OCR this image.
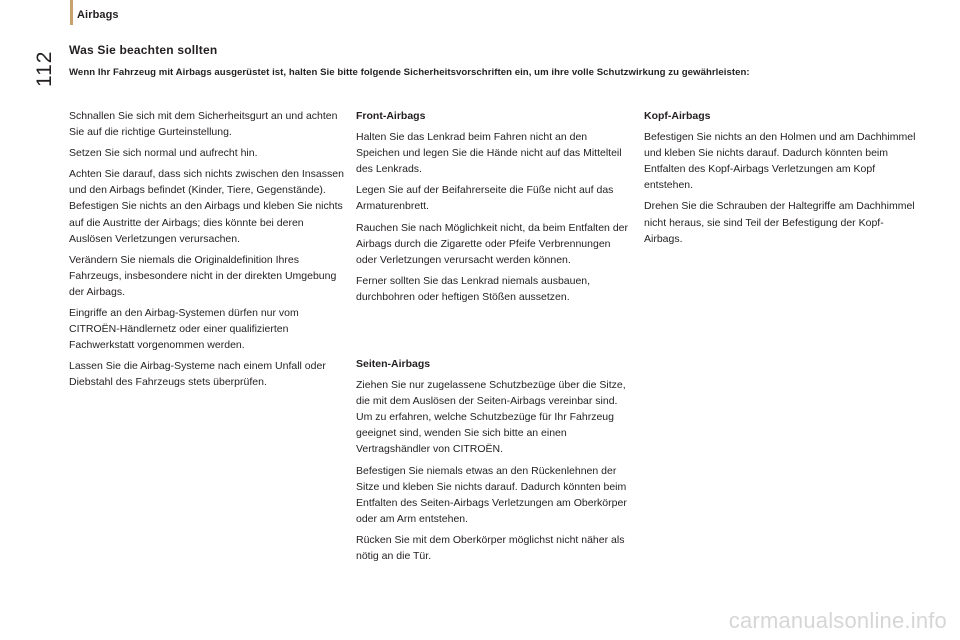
Airbags
112
Was Sie beachten sollten
Wenn Ihr Fahrzeug mit Airbags ausgerüstet ist, halten Sie bitte folgende Sicherheitsvorschriften ein, um ihre volle Schutzwirkung zu gewährleisten:

Schnallen Sie sich mit dem Sicherheitsgurt an und achten Sie auf die richtige Gurteinstellung.

Setzen Sie sich normal und aufrecht hin.

Achten Sie darauf, dass sich nichts zwischen den Insassen und den Airbags befindet (Kinder, Tiere, Gegenstände). Befestigen Sie nichts an den Airbags und kleben Sie nichts auf die Austritte der Airbags; dies könnte bei deren Auslösen Verletzungen verursachen.

Verändern Sie niemals die Originaldefinition Ihres Fahrzeugs, insbesondere nicht in der direkten Umgebung der Airbags.

Eingriffe an den Airbag-Systemen dürfen nur vom CITROËN-Händlernetz oder einer qualifizierten Fachwerkstatt vorgenommen werden.

Lassen Sie die Airbag-Systeme nach einem Unfall oder Diebstahl des Fahrzeugs stets überprüfen.

Front-Airbags

Halten Sie das Lenkrad beim Fahren nicht an den Speichen und legen Sie die Hände nicht auf das Mittelteil des Lenkrads.

Legen Sie auf der Beifahrerseite die Füße nicht auf das Armaturenbrett.

Rauchen Sie nach Möglichkeit nicht, da beim Entfalten der Airbags durch die Zigarette oder Pfeife Verbrennungen oder Verletzungen verursacht werden können.

Ferner sollten Sie das Lenkrad niemals ausbauen, durchbohren oder heftigen Stößen aussetzen.

Seiten-Airbags

Ziehen Sie nur zugelassene Schutzbezüge über die Sitze, die mit dem Auslösen der Seiten-Airbags vereinbar sind. Um zu erfahren, welche Schutzbezüge für Ihr Fahrzeug geeignet sind, wenden Sie sich bitte an einen Vertragshändler von CITROËN.

Befestigen Sie niemals etwas an den Rückenlehnen der Sitze und kleben Sie nichts darauf. Dadurch könnten beim Entfalten des Seiten-Airbags Verletzungen am Oberkörper oder am Arm entstehen.

Rücken Sie mit dem Oberkörper möglichst nicht näher als nötig an die Tür.

Kopf-Airbags

Befestigen Sie nichts an den Holmen und am Dachhimmel und kleben Sie nichts darauf. Dadurch könnten beim Entfalten des Kopf-Airbags Verletzungen am Kopf entstehen.

Drehen Sie die Schrauben der Haltegriffe am Dachhimmel nicht heraus, sie sind Teil der Befestigung der Kopf-Airbags.

carmanualsonline.info
